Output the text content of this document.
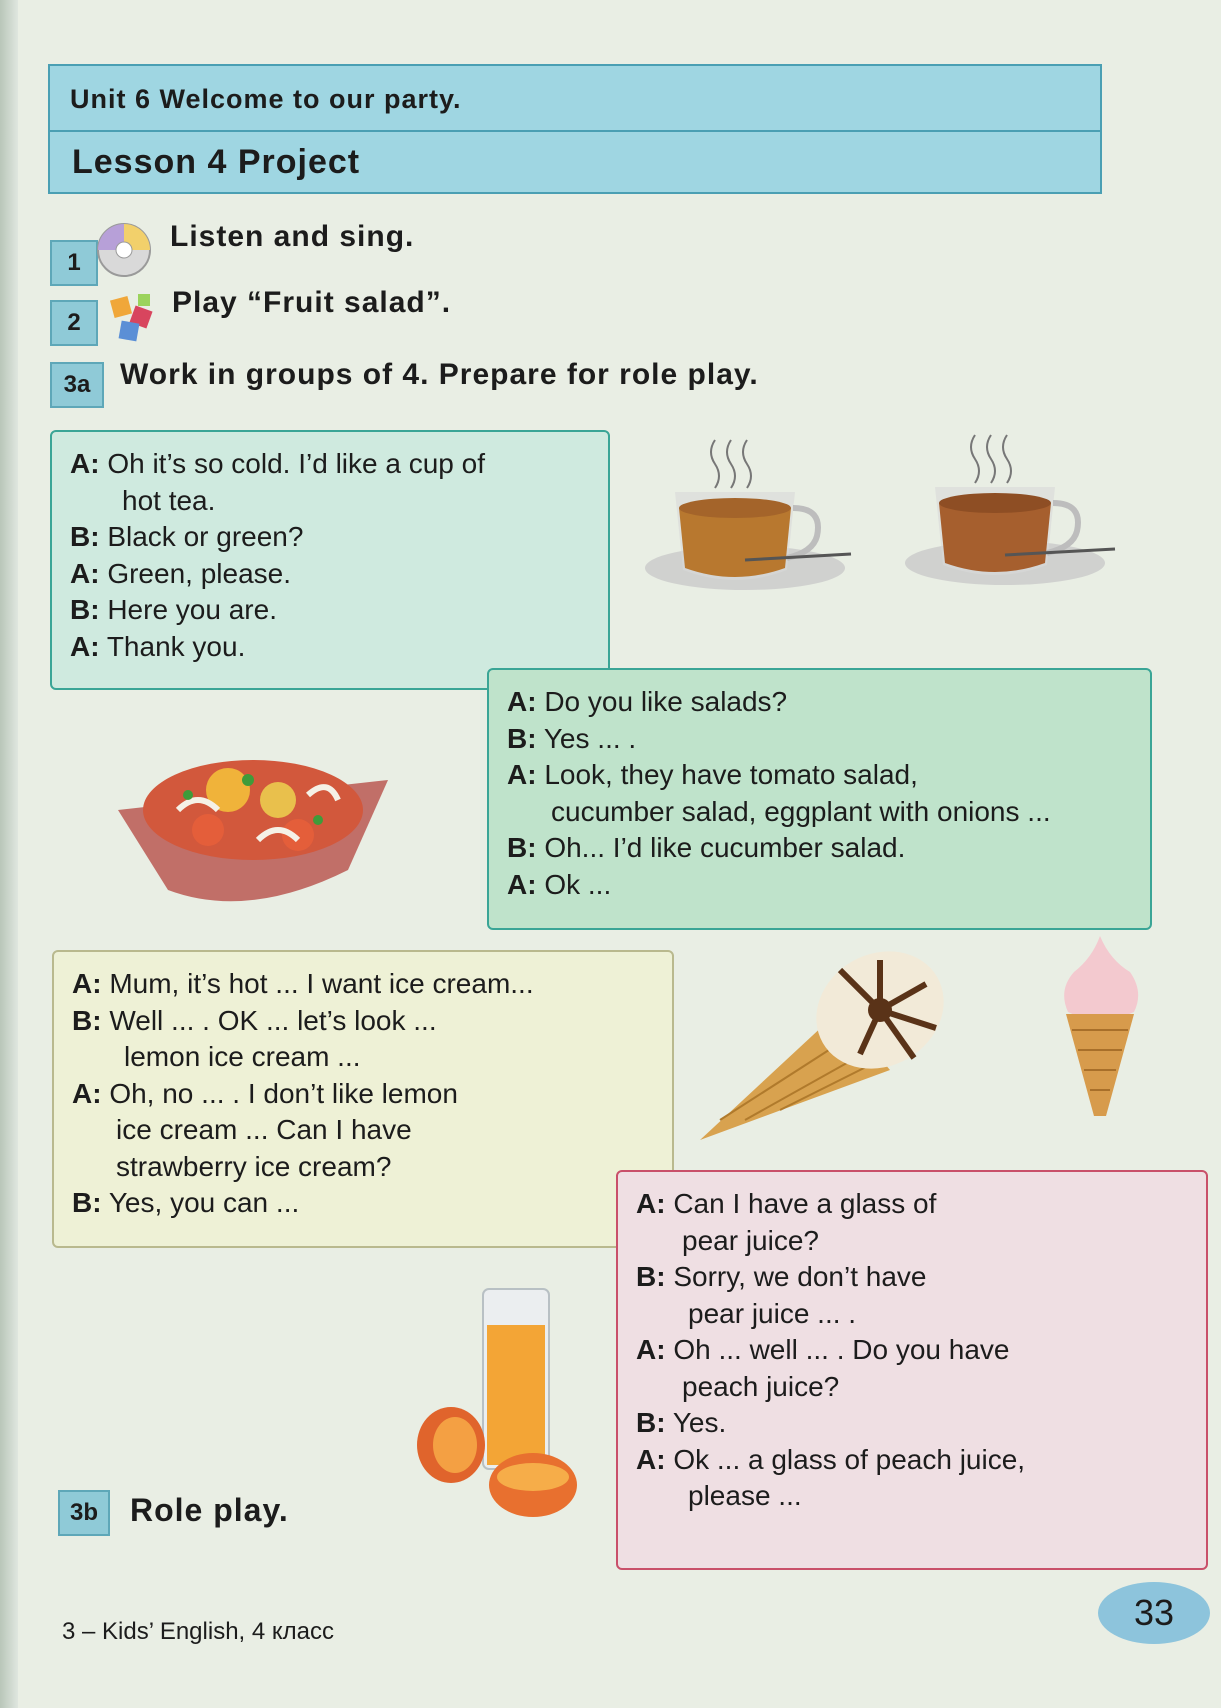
Unit 6 Welcome to our party.
Lesson 4 Project
1
Listen and sing.
2
Play “Fruit salad”.
3a Work in groups of 4. Prepare for role play.

A: Oh it’s so cold. I’d like a cup of

hot tea.

B: Black or green?

A: Green, please.

B: Here you are.

A: Thank you.

A: Do you like salads?

B: Yes ... .

A: Look, they have tomato salad,

cucumber salad, eggplant with onions ...

B: Oh... I’d like cucumber salad.

A: Ok ...

A: Mum, it’s hot ... I want ice cream...

B: Well ... . OK ... let’s look ...

lemon ice cream ...

A: Oh, no ... . I don’t like lemon

ice cream ... Can I have

strawberry ice cream?

B: Yes, you can ...	A: Can I have a glass of

pear juice?

B: Sorry, we don’t have

pear juice ... .

A: Oh ... well ... . Do you have

peach juice?

B: Yes.

A: Ok ... a glass of peach juice,

please ...

3b	Role play.
3 – Kids’ English, 4 класс	33
